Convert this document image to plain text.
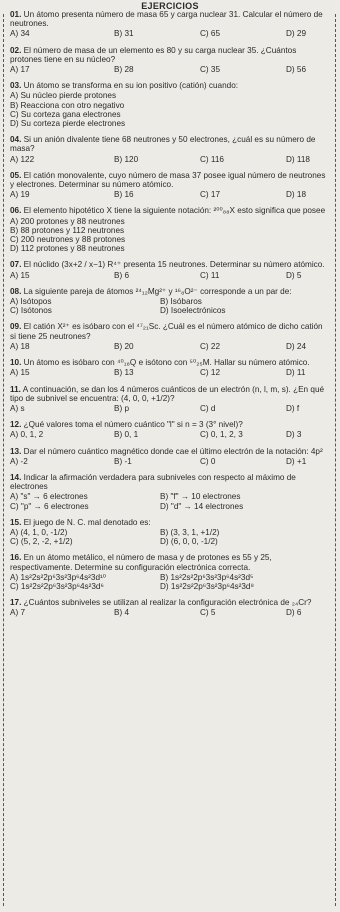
EJERCICIOS
01. Un átomo presenta número de masa 65 y carga nuclear 31. Calcular el número de neutrones.
A) 34	B) 31	C) 65	D) 29
02. El número de masa de un elemento es 80 y su carga nuclear 35. ¿Cuántos protones tiene en su núcleo?
A) 17	B) 28	C) 35	D) 56
03. Un átomo se transforma en su ion positivo (catión) cuando:
A) Su núcleo pierde protones
B) Reacciona con otro negativo
C) Su corteza gana electrones
D) Su corteza pierde electrones
04. Si un anión divalente tiene 68 neutrones y 50 electrones, ¿cuál es su número de masa?
A) 122	B) 120	C) 116	D) 118
05. El catión monovalente, cuyo número de masa 37 posee igual número de neutrones y electrones. Determinar su número atómico.
A) 19	B) 16	C) 17	D) 18
06. El elemento hipotético X tiene la siguiente notación: ²⁰⁰₈₈X esto significa que posee
A) 200 protones y 88 neutrones
B) 88 protones y 112 neutrones
C) 200 neutrones y 88 protones
D) 112 protones y 88 neutrones
07. El núclido (3x+2 / x−1) R⁴⁺ presenta 15 neutrones. Determinar su número atómico.
A) 15	B) 6	C) 11	D) 5
08. La siguiente pareja de átomos ²⁴₁₂Mg²⁺ y ¹⁶₈O²⁻ corresponde a un par de:
A) Isótopos	B) Isóbaros
C) Isótonos	D) Isoelectrónicos
09. El catión X²⁺ es isóbaro con el ⁴⁷₂₁Sc. ¿Cuál es el número atómico de dicho catión si tiene 25 neutrones?
A) 18	B) 20	C) 22	D) 24
10. Un átomo es isóbaro con ⁴⁰₁₈Q e isótono con ⁵⁰₂₅M. Hallar su número atómico.
A) 15	B) 13	C) 12	D) 11
11. A continuación, se dan los 4 números cuánticos de un electrón (n, l, m, s). ¿En qué tipo de subnivel se encuentra: (4, 0, 0, +1/2)?
A) s	B) p	C) d	D) f
12. ¿Qué valores toma el número cuántico "l" si n = 3 (3° nivel)?
A) 0, 1, 2	B) 0, 1	C) 0, 1, 2, 3	D) 3
13. Dar el número cuántico magnético donde cae el último electrón de la notación: 4p²
A) -2	B) -1	C) 0	D) +1
14. Indicar la afirmación verdadera para subniveles con respecto al máximo de electrones
A) "s" → 6 electrones	B) "f" → 10 electrones
C) "p" → 6 electrones	D) "d" → 14 electrones
15. El juego de N. C. mal denotado es:
A) (4, 1, 0, -1/2)	B) (3, 3, 1, +1/2)
C) (5, 2, -2, +1/2)	D) (6, 0, 0, -1/2)
16. En un átomo metálico, el número de masa y de protones es 55 y 25, respectivamente. Determine su configuración electrónica correcta.
A) 1s²2s²2p⁶3s²3p⁶4s²3d¹⁰	B) 1s²2s²2p⁶3s²3p⁶4s²3d⁵
C) 1s²2s²2p⁶3s²3p⁶4s²3d⁶	D) 1s²2s²2p⁶3s²3p⁶4s²3d⁸
17. ¿Cuántos subniveles se utilizan al realizar la configuración electrónica de ₂₄Cr?
A) 7	B) 4	C) 5	D) 6
